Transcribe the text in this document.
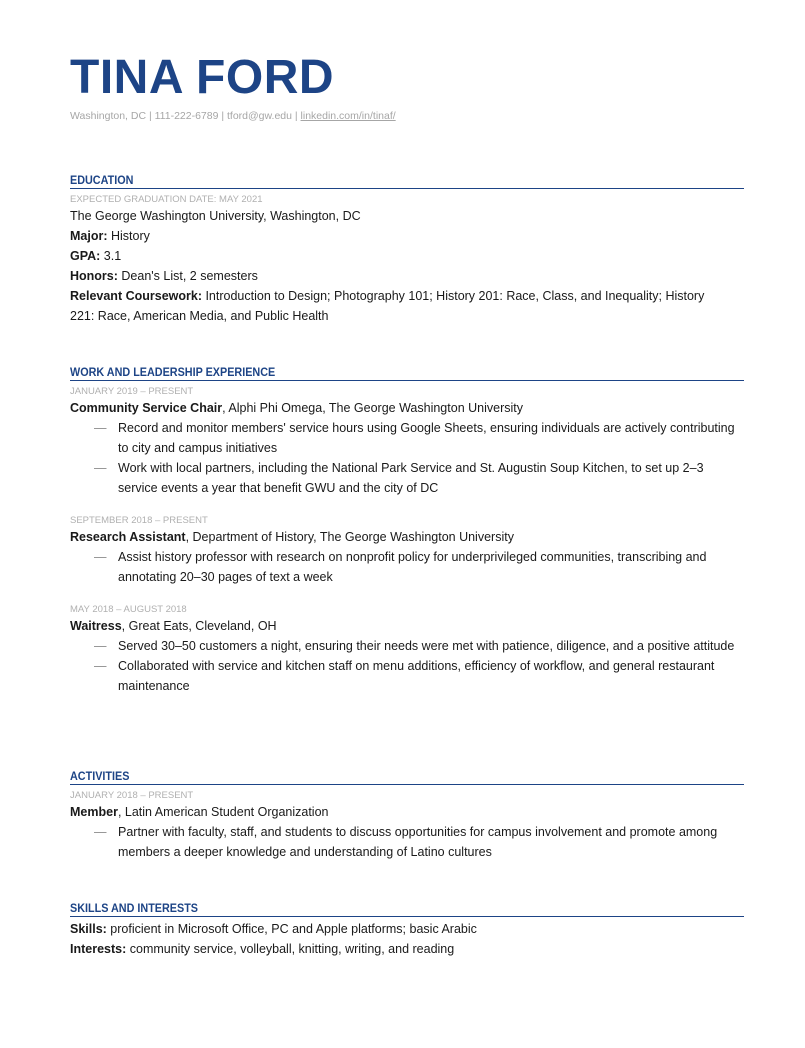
TINA FORD
Washington, DC | 111-222-6789 | tford@gw.edu | linkedin.com/in/tinaf/
EDUCATION
EXPECTED GRADUATION DATE: MAY 2021
The George Washington University, Washington, DC
Major: History
GPA: 3.1
Honors: Dean's List, 2 semesters
Relevant Coursework: Introduction to Design; Photography 101; History 201: Race, Class, and Inequality; History
221: Race, American Media, and Public Health
WORK AND LEADERSHIP EXPERIENCE
JANUARY 2019 – PRESENT
Community Service Chair, Alphi Phi Omega, The George Washington University
— Record and monitor members' service hours using Google Sheets, ensuring individuals are actively contributing to city and campus initiatives
— Work with local partners, including the National Park Service and St. Augustin Soup Kitchen, to set up 2–3 service events a year that benefit GWU and the city of DC
SEPTEMBER 2018 – PRESENT
Research Assistant, Department of History, The George Washington University
— Assist history professor with research on nonprofit policy for underprivileged communities, transcribing and annotating 20–30 pages of text a week
MAY 2018 – AUGUST 2018
Waitress, Great Eats, Cleveland, OH
— Served 30–50 customers a night, ensuring their needs were met with patience, diligence, and a positive attitude
— Collaborated with service and kitchen staff on menu additions, efficiency of workflow, and general restaurant maintenance
ACTIVITIES
JANUARY 2018 – PRESENT
Member, Latin American Student Organization
— Partner with faculty, staff, and students to discuss opportunities for campus involvement and promote among members a deeper knowledge and understanding of Latino cultures
SKILLS AND INTERESTS
Skills: proficient in Microsoft Office, PC and Apple platforms; basic Arabic
Interests: community service, volleyball, knitting, writing, and reading
